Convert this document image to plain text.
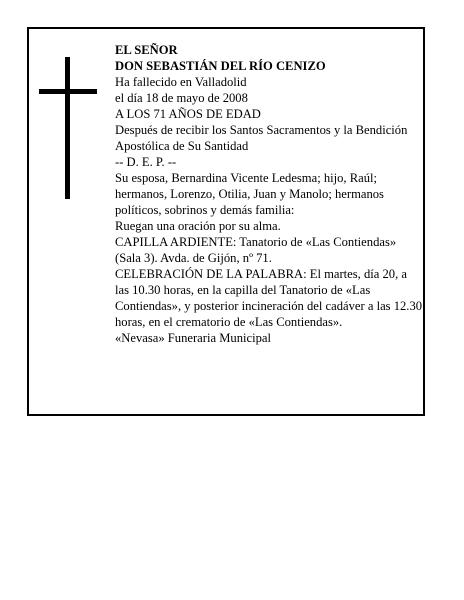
EL SEÑOR

DON SEBASTIÁN DEL RÍO CENIZO

Ha fallecido en Valladolid

el día 18 de mayo de 2008

A LOS 71 AÑOS DE EDAD

Después de recibir los Santos Sacramentos y la Bendición Apostólica de Su Santidad

-- D. E. P. --

Su esposa, Bernardina Vicente Ledesma; hijo, Raúl; hermanos, Lorenzo, Otilia, Juan y Manolo; hermanos políticos, sobrinos y demás familia:

Ruegan una oración por su alma.

CAPILLA ARDIENTE: Tanatorio de «Las Contiendas» (Sala 3). Avda. de Gijón, nº 71.

CELEBRACIÓN DE LA PALABRA: El martes, día 20, a las 10.30 horas, en la capilla del Tanatorio de «Las Contiendas», y posterior incineración del cadáver a las 12.30 horas, en el crematorio de «Las Contiendas».

«Nevasa» Funeraria Municipal
